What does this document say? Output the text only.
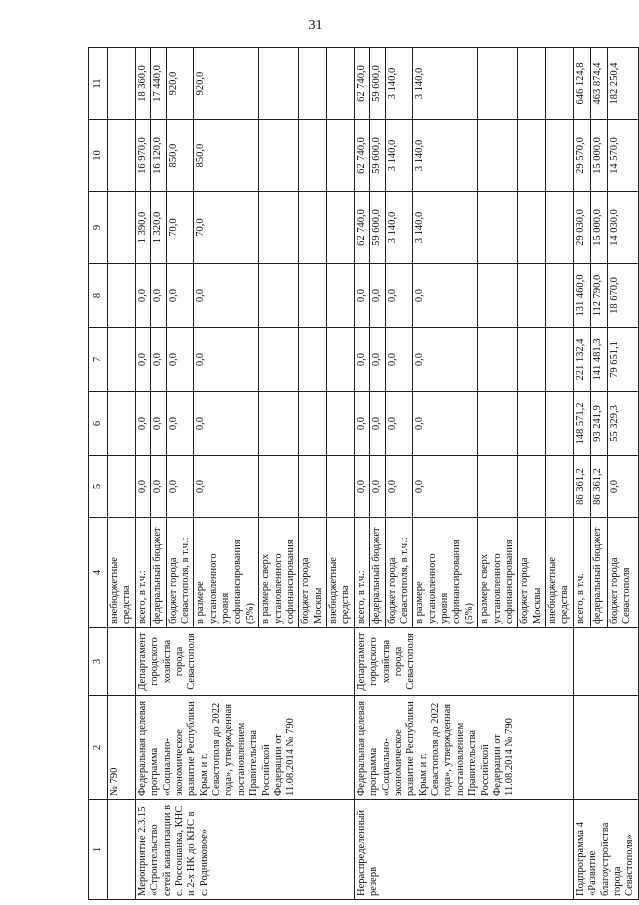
31
1	2	3	4	5	6	7	8	9	10	11
	№ 790		внебюджетные средства							
Мероприятие 2.3.15 «Строительство сетей канализации в с. Россошанка, КНС и 2-х НК до КНС в с. Родниковое»	Федеральная целевая программа «Социально-экономическое развитие Республики Крым и г. Севастополя до 2022 года», утвержденная постановлением Правительства Российской Федерации от 11.08.2014 № 790	Департамент городского хозяйства города Севастополя	всего, в т.ч.:	0,0	0,0	0,0	0,0	1 390,0	16 970,0	18 360,0
			федеральный бюджет	0,0	0,0	0,0	0,0	1 320,0	16 120,0	17 440,0
			бюджет города Севастополя, в т.ч.:	0,0	0,0	0,0	0,0	70,0	850,0	920,0
			в размере установленного уровня софинансирования (5%)	0,0	0,0	0,0	0,0	70,0	850,0	920,0
			в размере сверх установленного софинансирования							
			бюджет города Москвы							
			внебюджетные средства							
Нераспределенный резерв	Федеральная целевая программа «Социально-экономическое развитие Республики Крым и г. Севастополя до 2022 года», утвержденная постановлением Правительства Российской Федерации от 11.08.2014 № 790	Департамент городского хозяйства города Севастополя	всего, в т.ч.:	0,0	0,0	0,0	0,0	62 740,0	62 740,0	62 740,0
			федеральный бюджет	0,0	0,0	0,0	0,0	59 600,0	59 600,0	59 600,0
			бюджет города Севастополя, в т.ч.:	0,0	0,0	0,0	0,0	3 140,0	3 140,0	3 140,0
			в размере установленного уровня софинансирования (5%)	0,0	0,0	0,0	0,0	3 140,0	3 140,0	3 140,0
			в размере сверх установленного софинансирования							
			бюджет города Москвы							
			внебюджетные средства							
Подпрограмма 4 «Развитие благоустройства города Севастополя»			всего, в т.ч.	86 361,2	148 571,2	221 132,4	131 460,0	29 030,0	29 570,0	646 124,8
			федеральный бюджет	86 361,2	93 241,9	141 481,3	112 790,0	15 000,0	15 000,0	463 874,4
			бюджет города Севастополя	0,0	55 329,3	79 651,1	18 670,0	14 030,0	14 570,0	182 250,4
